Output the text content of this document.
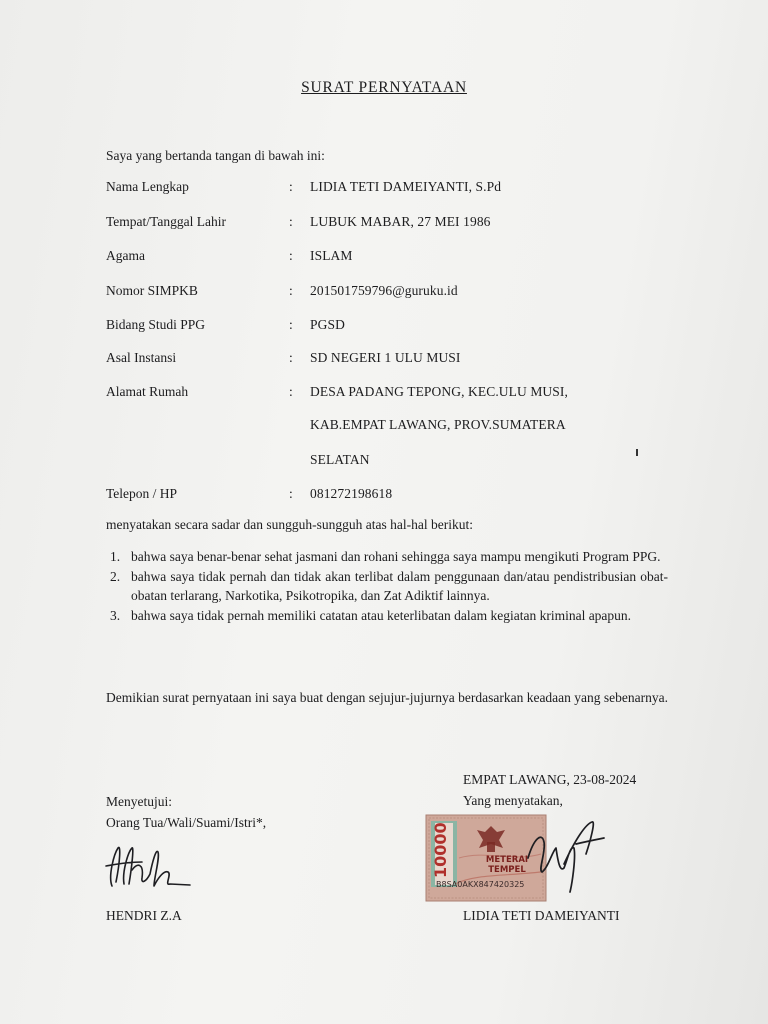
SURAT PERNYATAAN
Saya yang bertanda tangan di bawah ini:
Nama Lengkap	: LIDIA TETI DAMEIYANTI, S.Pd
Tempat/Tanggal Lahir	: LUBUK MABAR, 27 MEI 1986
Agama	: ISLAM
Nomor SIMPKB	: 201501759796@guruku.id
Bidang Studi PPG	: PGSD
Asal Instansi	: SD NEGERI 1 ULU MUSI
Alamat Rumah	: DESA PADANG TEPONG, KEC.ULU MUSI,
KAB.EMPAT LAWANG, PROV.SUMATERA
SELATAN
Telepon / HP	: 081272198618
menyatakan secara sadar dan sungguh-sungguh atas hal-hal berikut:
1. bahwa saya benar-benar sehat jasmani dan rohani sehingga saya mampu mengikuti Program PPG.
2. bahwa saya tidak pernah dan tidak akan terlibat dalam penggunaan dan/atau pendistribusian obat-obatan terlarang, Narkotika, Psikotropika, dan Zat Adiktif lainnya.
3. bahwa saya tidak pernah memiliki catatan atau keterlibatan dalam kegiatan kriminal apapun.
Demikian surat pernyataan ini saya buat dengan sejujur-jujurnya berdasarkan keadaan yang sebenarnya.
EMPAT LAWANG, 23-08-2024
Yang menyatakan,
Menyetujui:
Orang Tua/Wali/Suami/Istri*,	10000	METERAI TEMPEL
B8SA0AKX847420325
HENDRI Z.A	LIDIA TETI DAMEIYANTI
